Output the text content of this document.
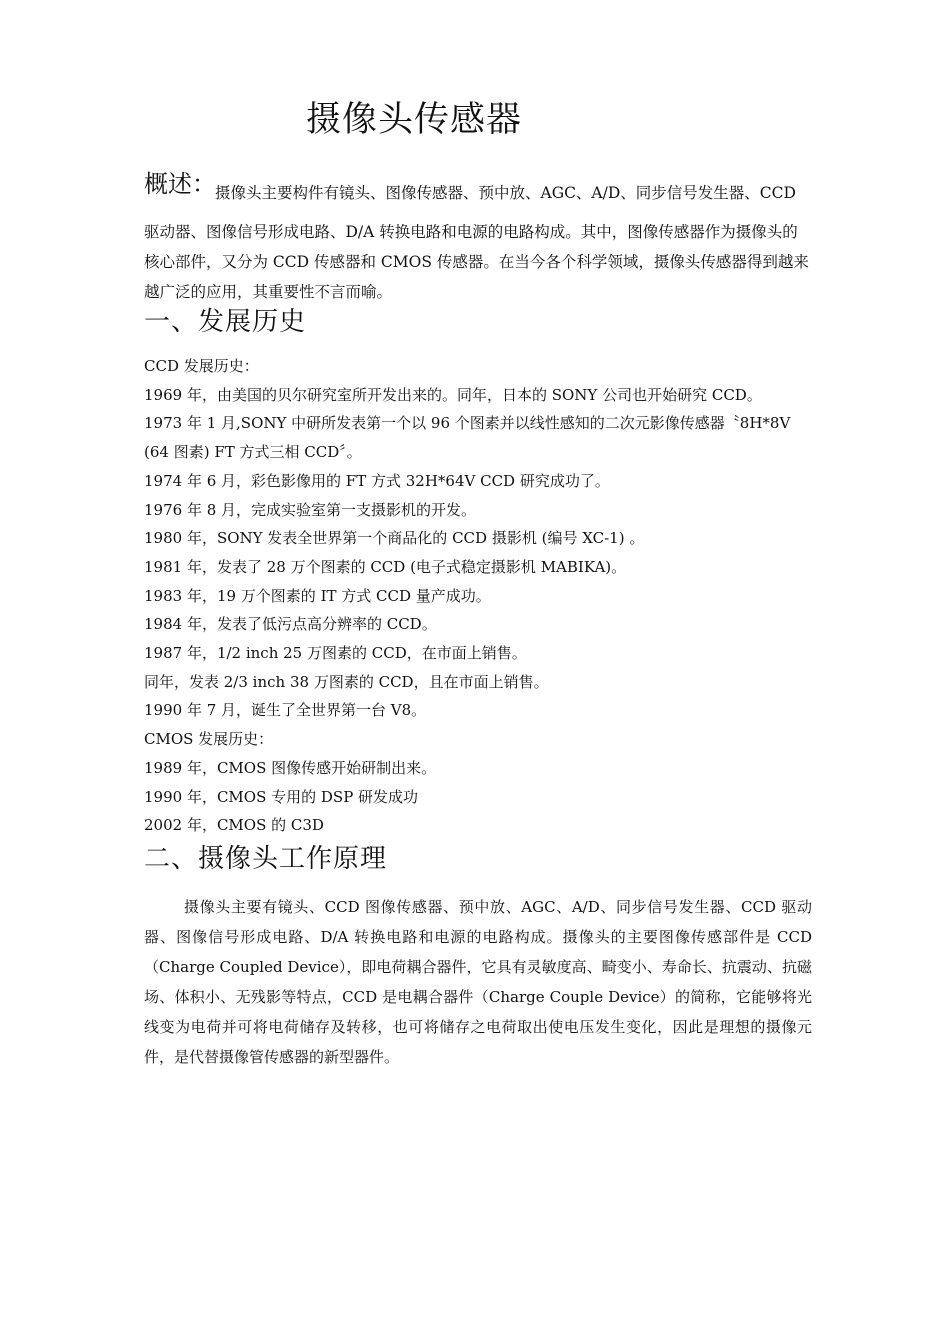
摄像头传感器
概述： 摄像头主要构件有镜头、图像传感器、预中放、AGC、A/D、同步信号发生器、CCD
驱动器、图像信号形成电路、D/A 转换电路和电源的电路构成。其中，图像传感器作为摄像头的核心部件，又分为 CCD 传感器和 CMOS 传感器。在当今各个科学领域，摄像头传感器得到越来越广泛的应用，其重要性不言而喻。
一、发展历史
CCD 发展历史：
1969 年，由美国的贝尔研究室所开发出来的。同年，日本的 SONY 公司也开始研究 CCD。
1973 年 1 月,SONY 中研所发表第一个以 96 个图素并以线性感知的二次元影像传感器〝8H*8V (64 图素) FT 方式三相 CCD〞。
1974 年 6 月，彩色影像用的 FT 方式 32H*64V CCD 研究成功了。
1976 年 8 月，完成实验室第一支摄影机的开发。
1980 年，SONY 发表全世界第一个商品化的 CCD 摄影机 (编号 XC-1) 。
1981 年，发表了 28 万个图素的 CCD (电子式稳定摄影机 MABIKA)。
1983 年，19 万个图素的 IT 方式 CCD 量产成功。
1984 年，发表了低污点高分辨率的 CCD。
1987 年，1/2 inch 25 万图素的 CCD，在市面上销售。
同年，发表 2/3 inch 38 万图素的 CCD，且在市面上销售。
1990 年 7 月，诞生了全世界第一台 V8。
CMOS 发展历史：
1989 年，CMOS 图像传感开始研制出来。
1990 年，CMOS 专用的 DSP 研发成功
2002 年，CMOS 的 C3D
二、摄像头工作原理
摄像头主要有镜头、CCD 图像传感器、预中放、AGC、A/D、同步信号发生器、CCD 驱动器、图像信号形成电路、D/A 转换电路和电源的电路构成。摄像头的主要图像传感部件是 CCD（Charge Coupled Device），即电荷耦合器件，它具有灵敏度高、畸变小、寿命长、抗震动、抗磁场、体积小、无残影等特点，CCD 是电耦合器件（Charge Couple Device）的简称，它能够将光线变为电荷并可将电荷储存及转移，也可将储存之电荷取出使电压发生变化，因此是理想的摄像元件，是代替摄像管传感器的新型器件。
